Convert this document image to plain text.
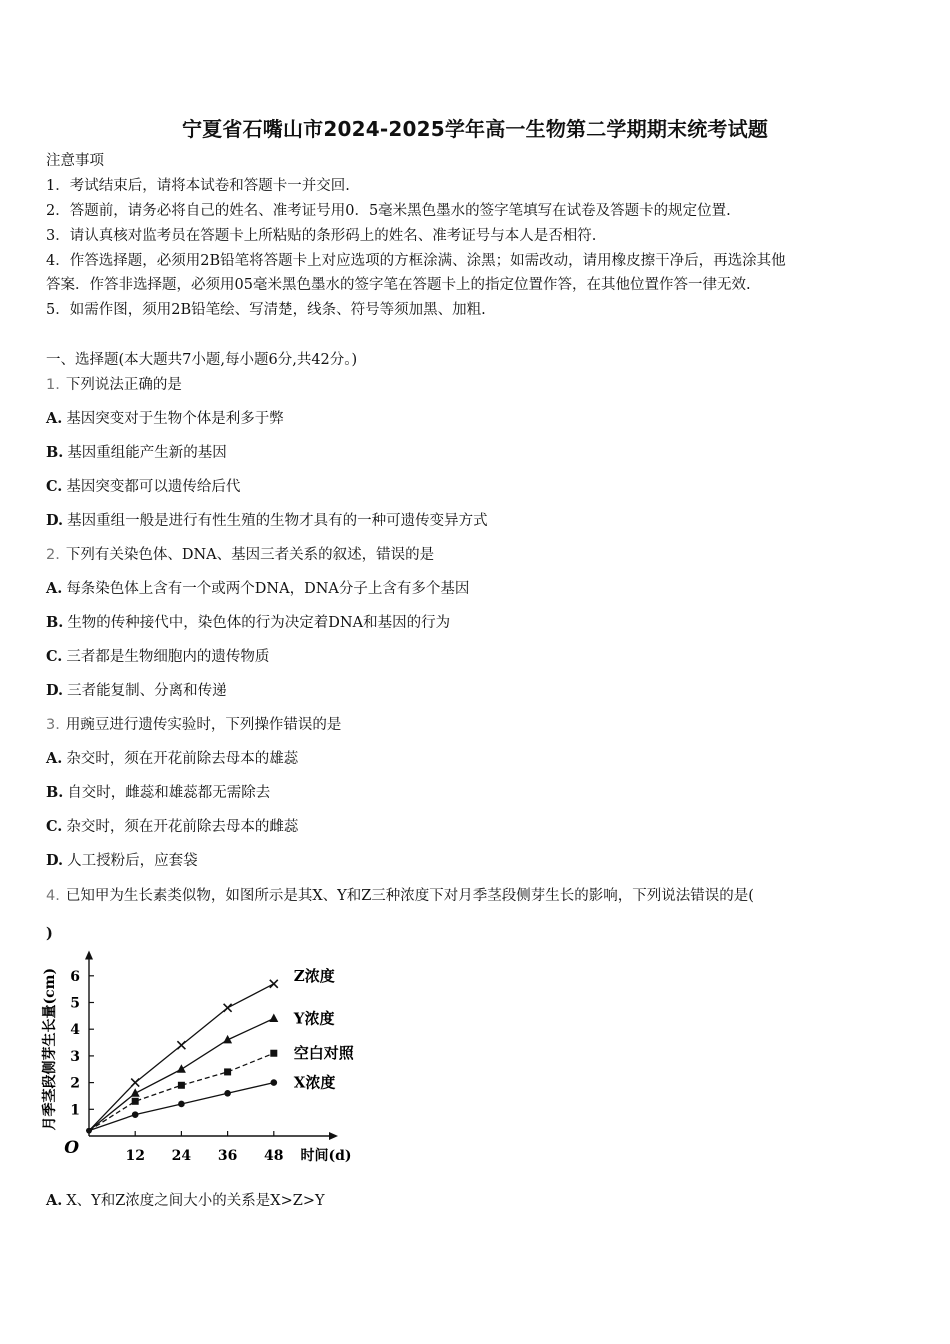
宁夏省石嘴山市2024-2025学年高一生物第二学期期末统考试题
注意事项
1．考试结束后，请将本试卷和答题卡一并交回.
2．答题前，请务必将自己的姓名、准考证号用0．5毫米黑色墨水的签字笔填写在试卷及答题卡的规定位置.
3．请认真核对监考员在答题卡上所粘贴的条形码上的姓名、准考证号与本人是否相符.
4．作答选择题，必须用2B铅笔将答题卡上对应选项的方框涂满、涂黑；如需改动，请用橡皮擦干净后，再选涂其他
答案．作答非选择题，必须用05毫米黑色墨水的签字笔在答题卡上的指定位置作答，在其他位置作答一律无效.
5．如需作图，须用2B铅笔绘、写清楚，线条、符号等须加黑、加粗.
一、选择题(本大题共7小题,每小题6分,共42分。)
1. 下列说法正确的是
A. 基因突变对于生物个体是利多于弊
B. 基因重组能产生新的基因
C. 基因突变都可以遗传给后代
D. 基因重组一般是进行有性生殖的生物才具有的一种可遗传变异方式
2. 下列有关染色体、DNA、基因三者关系的叙述，错误的是
A. 每条染色体上含有一个或两个DNA，DNA分子上含有多个基因
B. 生物的传种接代中，染色体的行为决定着DNA和基因的行为
C. 三者都是生物细胞内的遗传物质
D. 三者能复制、分离和传递
3. 用豌豆进行遗传实验时，下列操作错误的是
A. 杂交时，须在开花前除去母本的雄蕊
B. 自交时，雌蕊和雄蕊都无需除去
C. 杂交时，须在开花前除去母本的雌蕊
D. 人工授粉后，应套袋
4. 已知甲为生长素类似物，如图所示是其X、Y和Z三种浓度下对月季茎段侧芽生长的影响，下列说法错误的是(
)
1
2
3
4
5
6
12 24 36 48
O	时间(d)
月季茎段侧芽生长量(cm)	Z浓度
Y浓度
空白对照
X浓度
A. X、Y和Z浓度之间大小的关系是X>Z>Y
